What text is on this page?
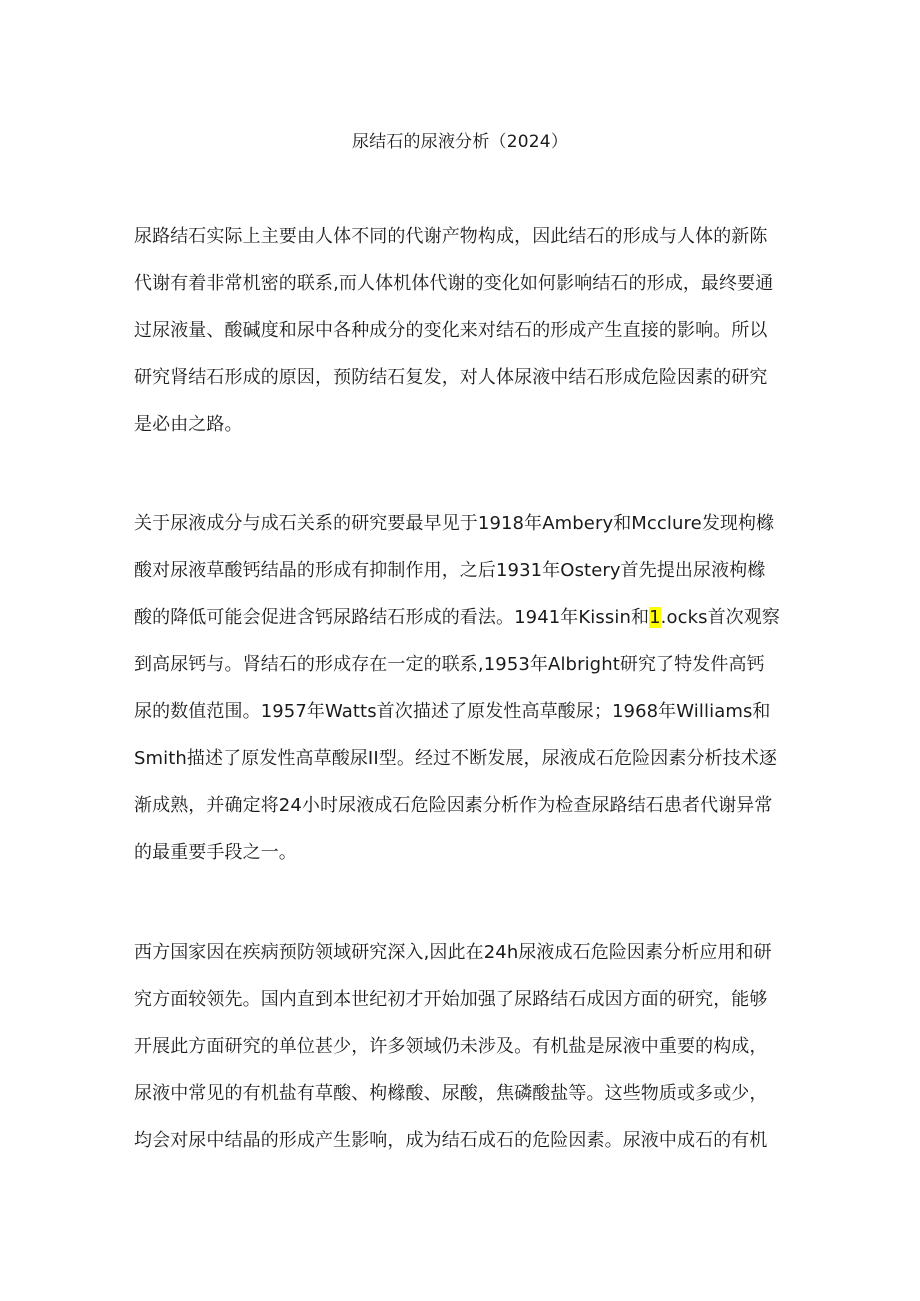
尿结石的尿液分析（2024）

尿路结石实际上主要由人体不同的代谢产物构成，因此结石的形成与人体的新陈
代谢有着非常机密的联系,而人体机体代谢的变化如何影响结石的形成，最终要通
过尿液量、酸碱度和尿中各种成分的变化来对结石的形成产生直接的影响。所以
研究肾结石形成的原因，预防结石复发，对人体尿液中结石形成危险因素的研究
是必由之路。

关于尿液成分与成石关系的研究要最早见于1918年Ambery和Mcclure发现枸橼
酸对尿液草酸钙结晶的形成有抑制作用，之后1931年Ostery首先提出尿液枸橼
酸的降低可能会促进含钙尿路结石形成的看法。1941年Kissin和1.ocks首次观察
到高尿钙与。肾结石的形成存在一定的联系,1953年Albright研究了特发件高钙
尿的数值范围。1957年Watts首次描述了原发性高草酸尿；1968年Williams和
Smith描述了原发性高草酸尿II型。经过不断发展，尿液成石危险因素分析技术逐
渐成熟，并确定将24小时尿液成石危险因素分析作为检查尿路结石患者代谢异常
的最重要手段之一。

西方国家因在疾病预防领域研究深入,因此在24h尿液成石危险因素分析应用和研
究方面较领先。国内直到本世纪初才开始加强了尿路结石成因方面的研究，能够
开展此方面研究的单位甚少，许多领域仍未涉及。有机盐是尿液中重要的构成，
尿液中常见的有机盐有草酸、枸橼酸、尿酸，焦磷酸盐等。这些物质或多或少，
均会对尿中结晶的形成产生影响，成为结石成石的危险因素。尿液中成石的有机
